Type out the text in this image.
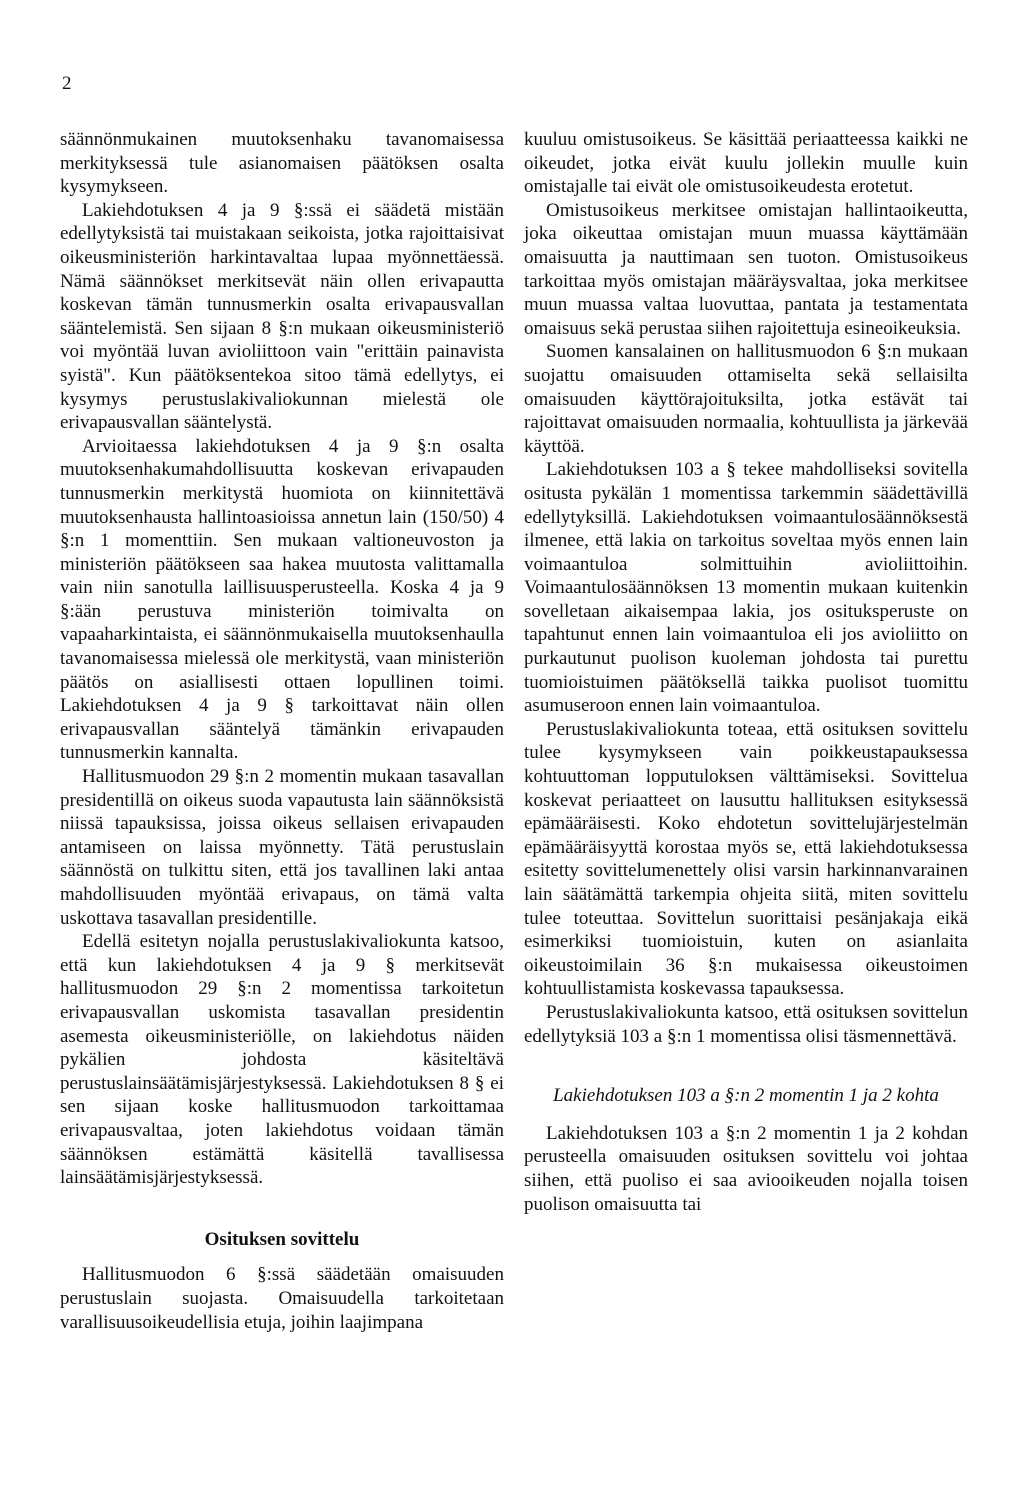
2

säännönmukainen muutoksenhaku tavanomaisessa merkityksessä tule asianomaisen päätöksen osalta kysymykseen.

Lakiehdotuksen 4 ja 9 §:ssä ei säädetä mistään edellytyksistä tai muistakaan seikoista, jotka rajoittaisivat oikeusministeriön harkintavaltaa lupaa myönnettäessä. Nämä säännökset merkitsevät näin ollen erivapautta koskevan tämän tunnusmerkin osalta erivapausvallan sääntelemistä. Sen sijaan 8 §:n mukaan oikeusministeriö voi myöntää luvan avioliittoon vain "erittäin painavista syistä". Kun päätöksentekoa sitoo tämä edellytys, ei kysymys perustuslakivaliokunnan mielestä ole erivapausvallan sääntelystä.

Arvioitaessa lakiehdotuksen 4 ja 9 §:n osalta muutoksenhakumahdollisuutta koskevan erivapauden tunnusmerkin merkitystä huomiota on kiinnitettävä muutoksenhausta hallintoasioissa annetun lain (150/50) 4 §:n 1 momenttiin. Sen mukaan valtioneuvoston ja ministeriön päätökseen saa hakea muutosta valittamalla vain niin sanotulla laillisuusperusteella. Koska 4 ja 9 §:ään perustuva ministeriön toimivalta on vapaaharkintaista, ei säännönmukaisella muutoksenhaulla tavanomaisessa mielessä ole merkitystä, vaan ministeriön päätös on asiallisesti ottaen lopullinen toimi. Lakiehdotuksen 4 ja 9 § tarkoittavat näin ollen erivapausvallan sääntelyä tämänkin erivapauden tunnusmerkin kannalta.

Hallitusmuodon 29 §:n 2 momentin mukaan tasavallan presidentillä on oikeus suoda vapautusta lain säännöksistä niissä tapauksissa, joissa oikeus sellaisen erivapauden antamiseen on laissa myönnetty. Tätä perustuslain säännöstä on tulkittu siten, että jos tavallinen laki antaa mahdollisuuden myöntää erivapaus, on tämä valta uskottava tasavallan presidentille.

Edellä esitetyn nojalla perustuslakivaliokunta katsoo, että kun lakiehdotuksen 4 ja 9 § merkitsevät hallitusmuodon 29 §:n 2 momentissa tarkoitetun erivapausvallan uskomista tasavallan presidentin asemesta oikeusministeriölle, on lakiehdotus näiden pykälien johdosta käsiteltävä perustuslainsäätämisjärjestyksessä. Lakiehdotuksen 8 § ei sen sijaan koske hallitusmuodon tarkoittamaa erivapausvaltaa, joten lakiehdotus voidaan tämän säännöksen estämättä käsitellä tavallisessa lainsäätämisjärjestyksessä.

Osituksen sovittelu

Hallitusmuodon 6 §:ssä säädetään omaisuuden perustuslain suojasta. Omaisuudella tarkoitetaan varallisuusoikeudellisia etuja, joihin laajimpana

kuuluu omistusoikeus. Se käsittää periaatteessa kaikki ne oikeudet, jotka eivät kuulu jollekin muulle kuin omistajalle tai eivät ole omistusoikeudesta erotetut.

Omistusoikeus merkitsee omistajan hallintaoikeutta, joka oikeuttaa omistajan muun muassa käyttämään omaisuutta ja nauttimaan sen tuoton. Omistusoikeus tarkoittaa myös omistajan määräysvaltaa, joka merkitsee muun muassa valtaa luovuttaa, pantata ja testamentata omaisuus sekä perustaa siihen rajoitettuja esineoikeuksia.

Suomen kansalainen on hallitusmuodon 6 §:n mukaan suojattu omaisuuden ottamiselta sekä sellaisilta omaisuuden käyttörajoituksilta, jotka estävät tai rajoittavat omaisuuden normaalia, kohtuullista ja järkevää käyttöä.

Lakiehdotuksen 103 a § tekee mahdolliseksi sovitella ositusta pykälän 1 momentissa tarkemmin säädettävillä edellytyksillä. Lakiehdotuksen voimaantulosäännöksestä ilmenee, että lakia on tarkoitus soveltaa myös ennen lain voimaantuloa solmittuihin avioliittoihin. Voimaantulosäännöksen 13 momentin mukaan kuitenkin sovelletaan aikaisempaa lakia, jos osituksperuste on tapahtunut ennen lain voimaantuloa eli jos avioliitto on purkautunut puolison kuoleman johdosta tai purettu tuomioistuimen päätöksellä taikka puolisot tuomittu asumuseroon ennen lain voimaantuloa.

Perustuslakivaliokunta toteaa, että osituksen sovittelu tulee kysymykseen vain poikkeustapauksessa kohtuuttoman lopputuloksen välttämiseksi. Sovittelua koskevat periaatteet on lausuttu hallituksen esityksessä epämääräisesti. Koko ehdotetun sovittelujärjestelmän epämääräisyyttä korostaa myös se, että lakiehdotuksessa esitetty sovittelumenettely olisi varsin harkinnanvarainen lain säätämättä tarkempia ohjeita siitä, miten sovittelu tulee toteuttaa. Sovittelun suorittaisi pesänjakaja eikä esimerkiksi tuomioistuin, kuten on asianlaita oikeustoimilain 36 §:n mukaisessa oikeustoimen kohtuullistamista koskevassa tapauksessa.

Perustuslakivaliokunta katsoo, että osituksen sovittelun edellytyksiä 103 a §:n 1 momentissa olisi täsmennettävä.

Lakiehdotuksen 103 a §:n 2 momentin 1 ja 2 kohta

Lakiehdotuksen 103 a §:n 2 momentin 1 ja 2 kohdan perusteella omaisuuden osituksen sovittelu voi johtaa siihen, että puoliso ei saa aviooikeuden nojalla toisen puolison omaisuutta tai
